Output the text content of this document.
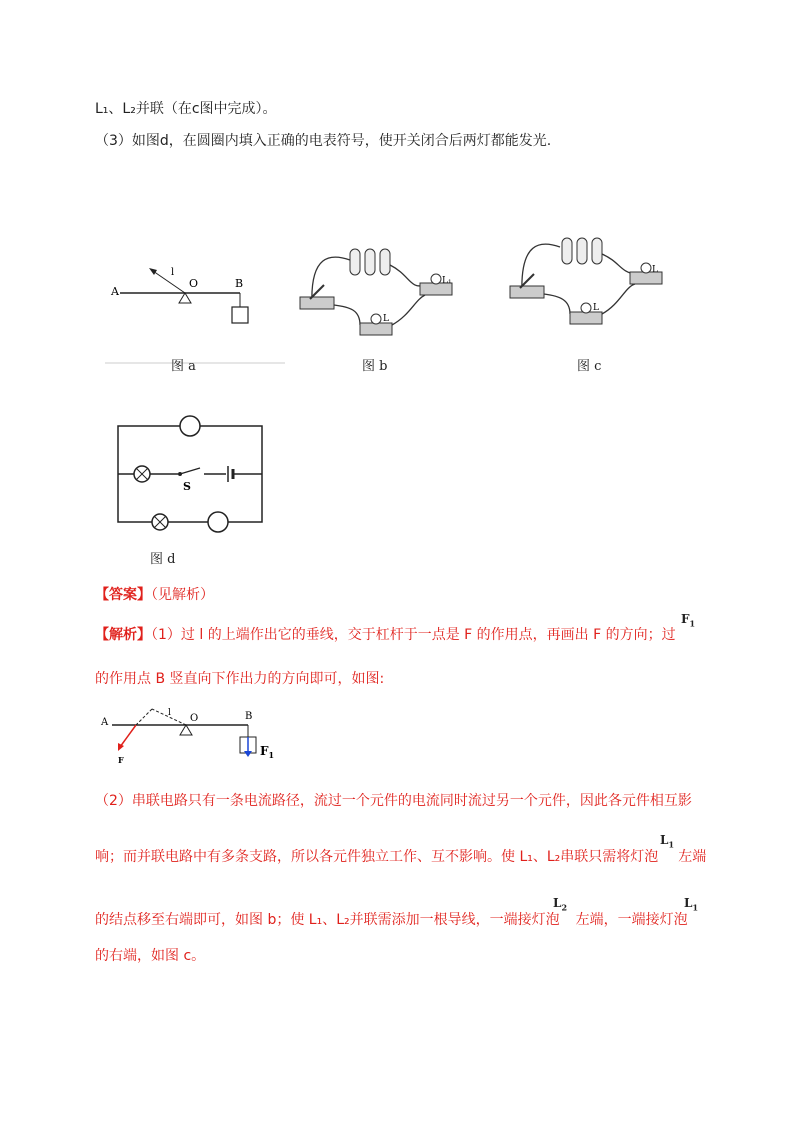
L₁、L₂并联（在c图中完成）。
（3）如图d，在圆圈内填入正确的电表符号，使开关闭合后两灯都能发光.
A
O	B
l
图 a
L₁
L
图 b
L
L
图 c
S
图 d
【答案】（见解析）
【解析】（1）过 l 的上端作出它的垂线，交于杠杆于一点是 F 的作用点，再画出 F 的方向；过
$F_1$
的作用点 B 竖直向下作出力的方向即可，如图:
A	O	B
l
F
$F_1$
（2）串联电路只有一条电流路径，流过一个元件的电流同时流过另一个元件，因此各元件相互影
响；而并联电路中有多条支路，所以各元件独立工作、互不影响。使 L₁、L₂串联只需将灯泡 左端
$L_1$
的结点移至右端即可，如图 b；使 L₁、L₂并联需添加一根导线，一端接灯泡 左端，一端接灯泡
$L_2$	$L_1$
的右端，如图 c。
